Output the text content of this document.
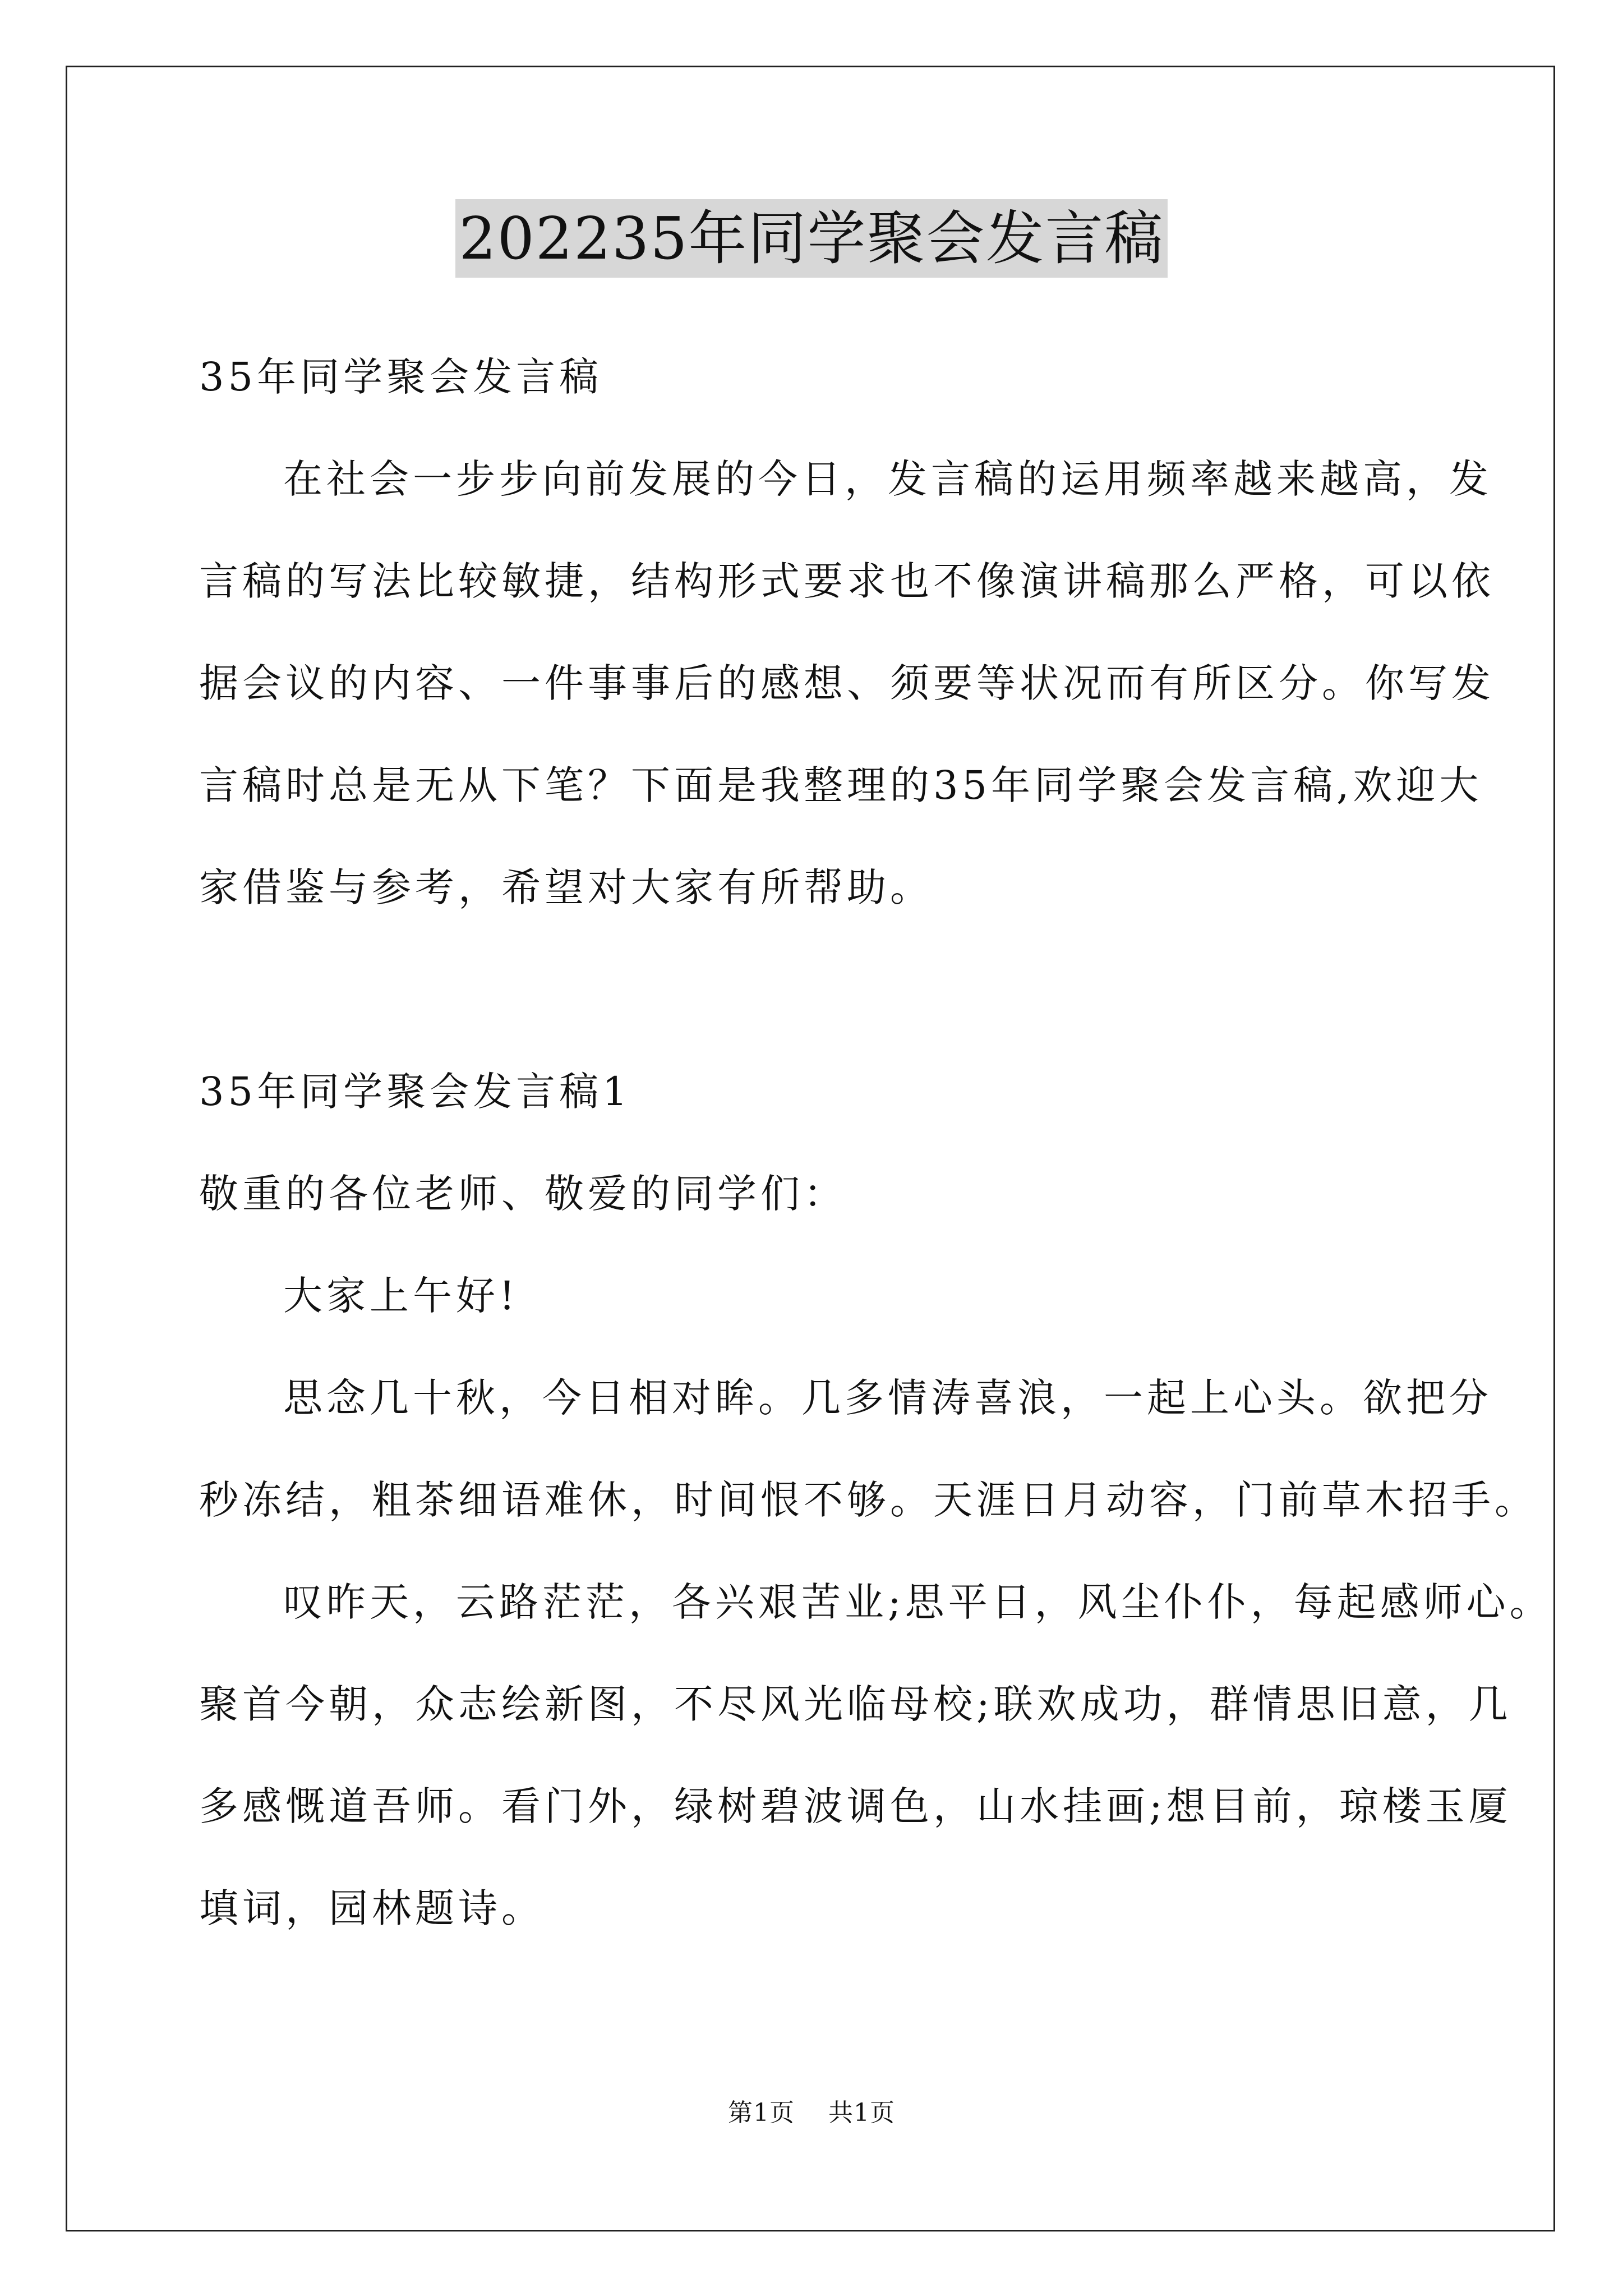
202235年同学聚会发言稿
35年同学聚会发言稿
在社会一步步向前发展的今日，发言稿的运用频率越来越高，发
言稿的写法比较敏捷，结构形式要求也不像演讲稿那么严格，可以依
据会议的内容、一件事事后的感想、须要等状况而有所区分。你写发
言稿时总是无从下笔？下面是我整理的35年同学聚会发言稿,欢迎大
家借鉴与参考，希望对大家有所帮助。
35年同学聚会发言稿1
敬重的各位老师、敬爱的同学们：
大家上午好!
思念几十秋，今日相对眸。几多情涛喜浪，一起上心头。欲把分
秒冻结，粗茶细语难休，时间恨不够。天涯日月动容，门前草木招手。
叹昨天，云路茫茫，各兴艰苦业;思平日，风尘仆仆，每起感师心。
聚首今朝，众志绘新图，不尽风光临母校;联欢成功，群情思旧意，几
多感慨道吾师。看门外，绿树碧波调色，山水挂画;想目前，琼楼玉厦
填词，园林题诗。
第1页 共1页
